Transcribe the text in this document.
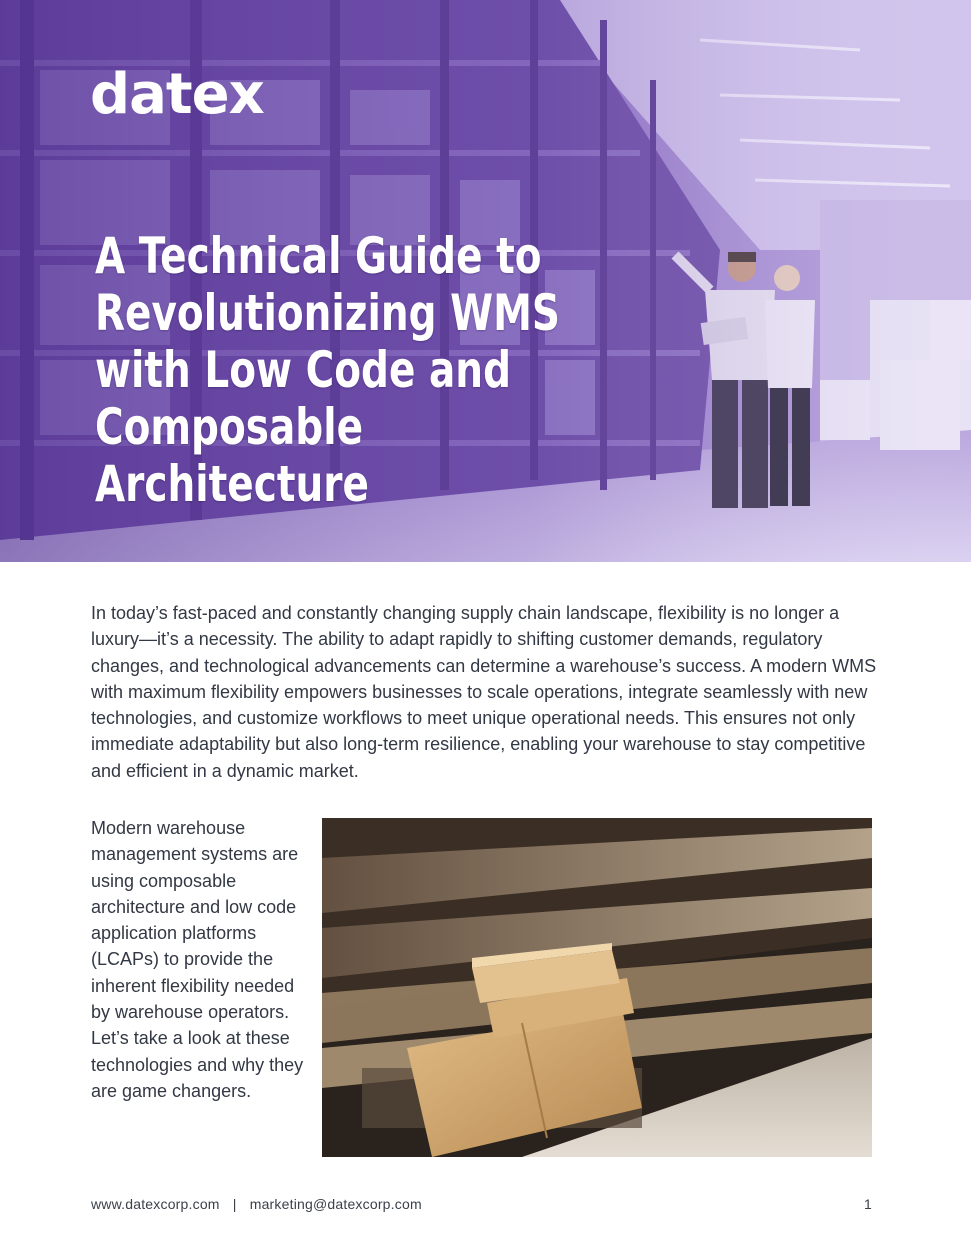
datex
A Technical Guide to
Revolutionizing WMS
with Low Code and
Composable
Architecture

In today’s fast-paced and constantly changing supply chain landscape, flexibility is no longer a luxury—it’s a necessity. The ability to adapt rapidly to shifting customer demands, regulatory changes, and technological advancements can determine a warehouse’s success. A modern WMS with maximum flexibility empowers businesses to scale operations, integrate seamlessly with new technologies, and customize workflows to meet unique operational needs. This ensures not only immediate adaptability but also long-term resilience, enabling your warehouse to stay competitive and efficient in a dynamic market.

Modern warehouse management systems are using composable architecture and low code application platforms (LCAPs) to provide the inherent flexibility needed by warehouse operators. Let’s take a look at these technologies and why they are game changers.

www.datexcorp.com | marketing@datexcorp.com	1
